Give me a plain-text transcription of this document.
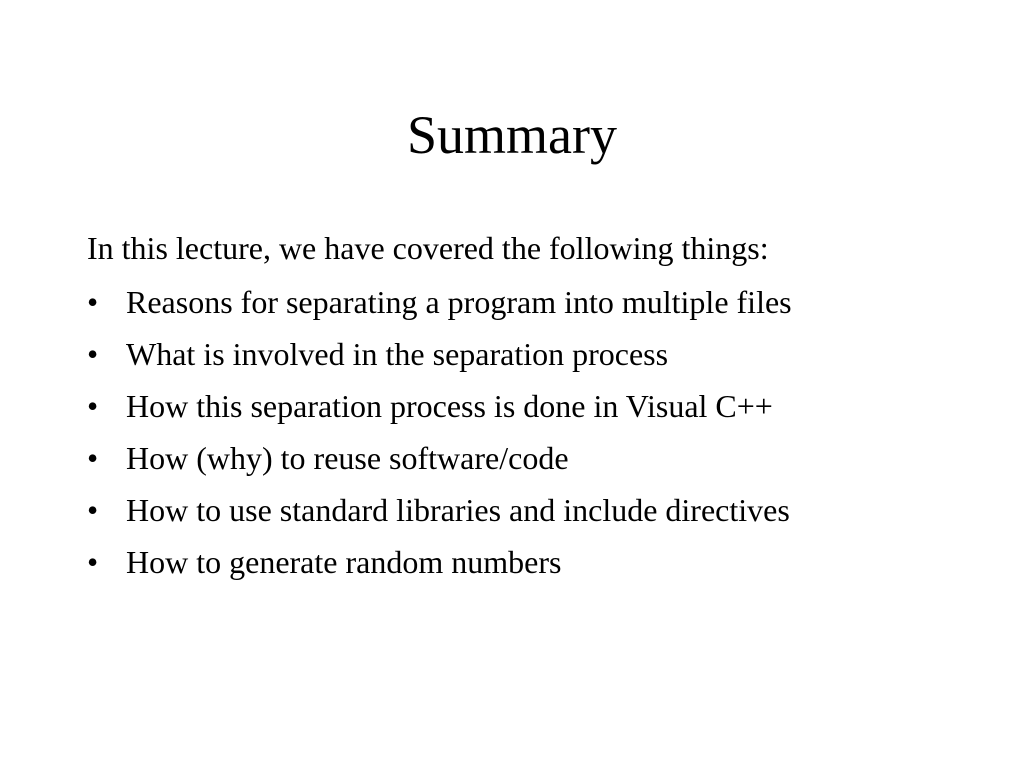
Summary

In this lecture, we have covered the following things:

• Reasons for separating a program into multiple files
• What is involved in the separation process
• How this separation process is done in Visual C++
• How (why) to reuse software/code
• How to use standard libraries and include directives
• How to generate random numbers
